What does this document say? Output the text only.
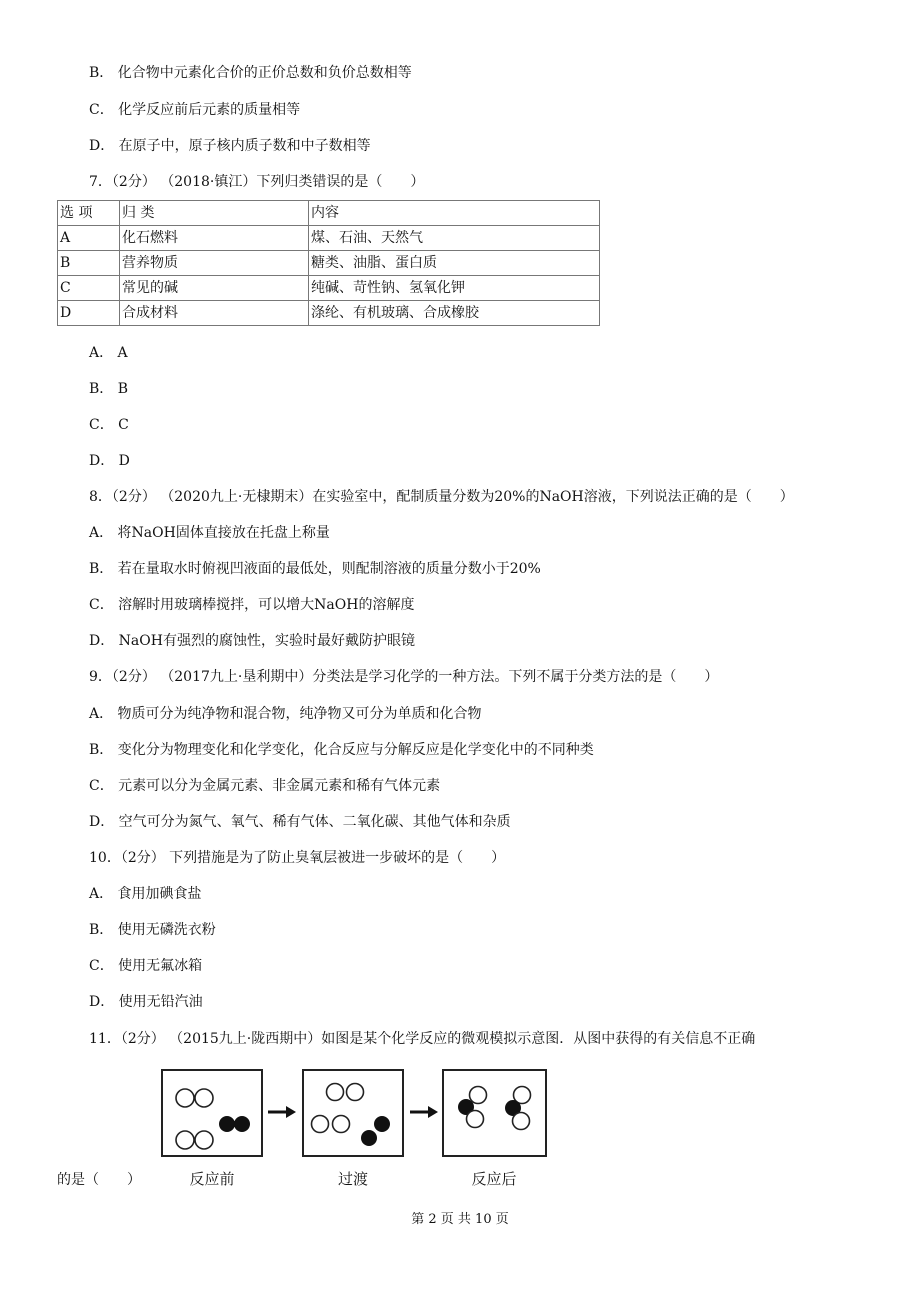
B． 化合物中元素化合价的正价总数和负价总数相等
C． 化学反应前后元素的质量相等
D． 在原子中，原子核内质子数和中子数相等
7．（2分） （2018·镇江）下列归类错误的是（　　）
选 项	归 类	内容
A	化石燃料	煤、石油、天然气
B	营养物质	糖类、油脂、蛋白质
C	常见的碱	纯碱、苛性钠、氢氧化钾
D	合成材料	涤纶、有机玻璃、合成橡胶
A． A
B． B
C． C
D． D
8．（2分） （2020九上·无棣期末）在实验室中，配制质量分数为20%的NaOH溶液，下列说法正确的是（　　）
A． 将NaOH固体直接放在托盘上称量
B． 若在量取水时俯视凹液面的最低处，则配制溶液的质量分数小于20%
C． 溶解时用玻璃棒搅拌，可以增大NaOH的溶解度
D． NaOH有强烈的腐蚀性，实验时最好戴防护眼镜
9．（2分） （2017九上·垦利期中）分类法是学习化学的一种方法。下列不属于分类方法的是（　　）
A． 物质可分为纯净物和混合物，纯净物又可分为单质和化合物
B． 变化分为物理变化和化学变化，化合反应与分解反应是化学变化中的不同种类
C． 元素可以分为金属元素、非金属元素和稀有气体元素
D． 空气可分为氮气、氧气、稀有气体、二氧化碳、其他气体和杂质
10．（2分） 下列措施是为了防止臭氧层被进一步破坏的是（　　）
A． 食用加碘食盐
B． 使用无磷洗衣粉
C． 使用无氟冰箱
D． 使用无铅汽油
11．（2分） （2015九上·陇西期中）如图是某个化学反应的微观模拟示意图．从图中获得的有关信息不正确
反应前	过渡	反应后
的是（　　）
第 2 页 共 10 页
